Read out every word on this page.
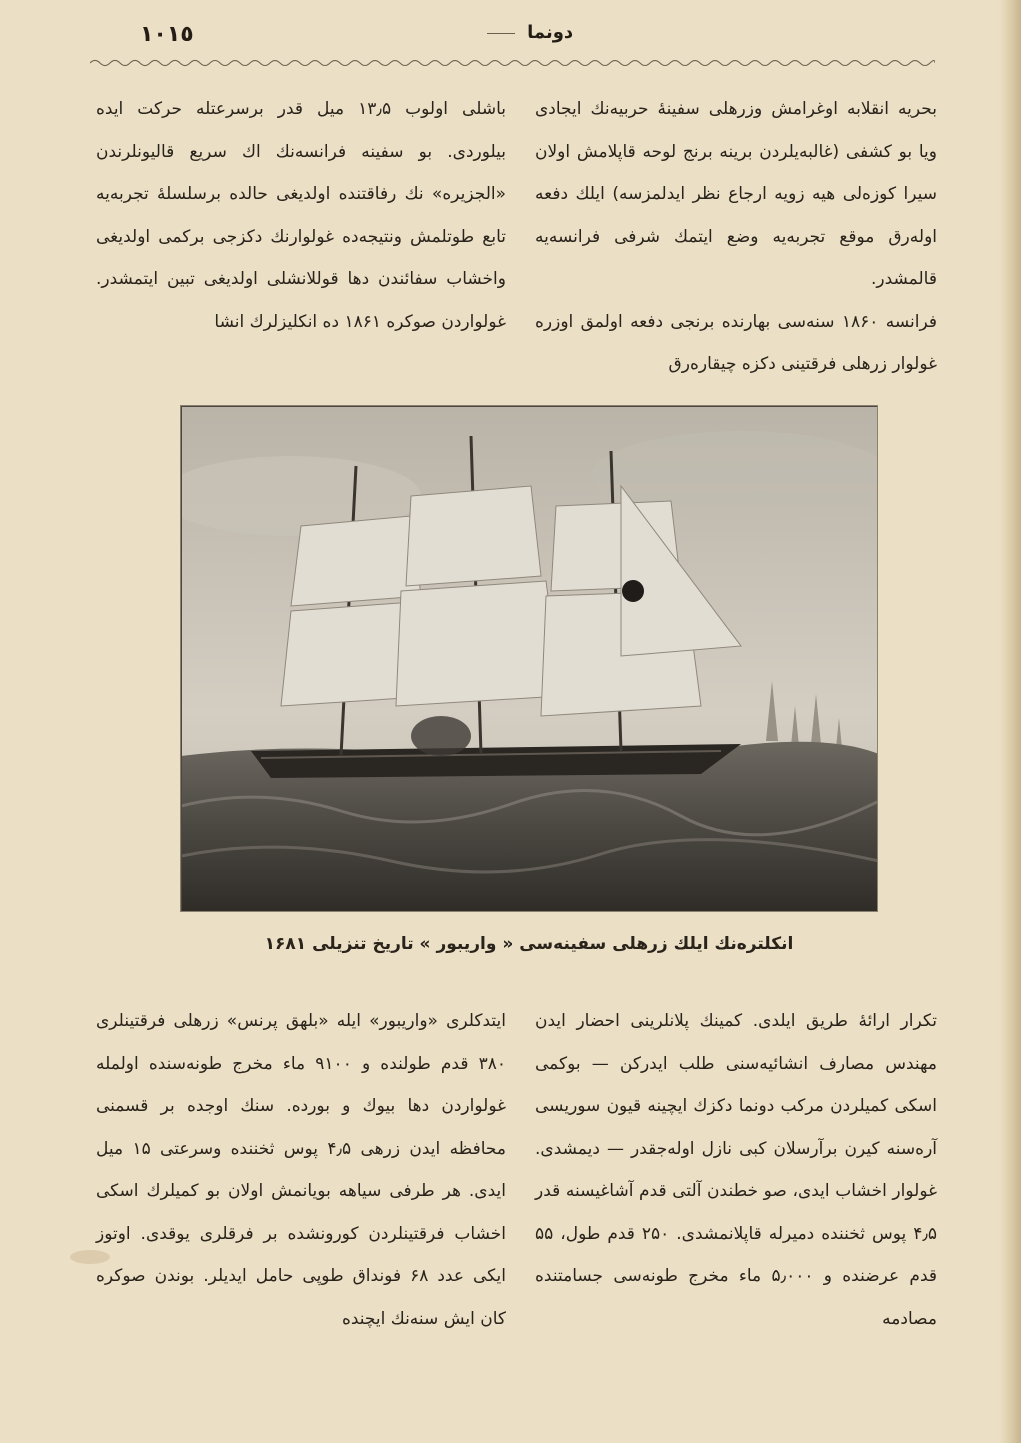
١٠١٥	دونما

بحریه انقلابه اوغرامش وزرهلی سفینهٔ حربیه‌نك ایجادی ویا بو کشفی (غالبه‌یلردن برینه برنج لوحه قاپلامش اولان سیرا کوزه‌لی هیه زویه ارجاع نظر ایدلمزسه) ایلك دفعه اوله‌رق موقع تجربه‌یه وضع ایتمك شرفی فرانسه‌یه قالمشدر.

فرانسه ۱۸۶۰ سنه‌سی بهارنده برنجی دفعه اولمق اوزره غولوار زرهلی فرقتینی دکزه چیقاره‌رق

باشلی اولوب ۱۳٫۵ میل قدر برسرعتله حرکت ایده بیلوردی. بو سفینه فرانسه‌نك اك سریع قالیونلرندن «الجزیره» نك رفاقتنده اولدیغی حالده برسلسلهٔ تجربه‌یه تابع طوتلمش ونتیجه‌ده غولوارنك دکزجی برکمی اولدیغی واخشاب سفائندن دها قوللانشلی اولدیغی تبین ایتمشدر. غولواردن صوکره ۱۸۶۱ ده انکلیزلرك انشا

انکلتره‌نك ایلك زرهلی سفینه‌سی « واریبور » تاریخ تنزیلی ۱۶۸۱

تکرار ارائهٔ طریق ایلدی. کمینك پلانلرینی احضار ایدن مهندس مصارف انشائیه‌سنی طلب ایدرکن — بوکمی اسکی کمیلردن مرکب دونما دکزك ایچینه قیون سوریسی آره‌سنه کیرن برآرسلان کبی نازل اوله‌جقدر — دیمشدی. غولوار اخشاب ایدی، صو خطندن آلتی قدم آشاغیسنه قدر ۴٫۵ پوس ثخننده دمیرله قاپلانمشدی. ۲۵۰ قدم طول، ۵۵ قدم عرضنده و ۵٫۰۰۰ ماء مخرج طونه‌سی جسامتنده مصادمه

ایتدکلری «واریبور» ایله «بلهق پرنس» زرهلی فرقتینلری ۳۸۰ قدم طولنده و ۹۱۰۰ ماء مخرج طونه‌سنده اولملە غولواردن دها بیوك و بورده. سنك اوجده بر قسمنی محافظه ایدن زرهی ۴٫۵ پوس ثخننده وسرعتی ۱۵ میل ایدی. هر طرفی سیاهه بویانمش اولان بو کمیلرك اسکی اخشاب فرقتینلردن کورونشده بر فرقلری یوقدی. اوتوز ایکی عدد ۶۸ فونداق طوپی حامل ایدیلر. بوندن صوکره کان ایش سنه‌نك ایچنده
